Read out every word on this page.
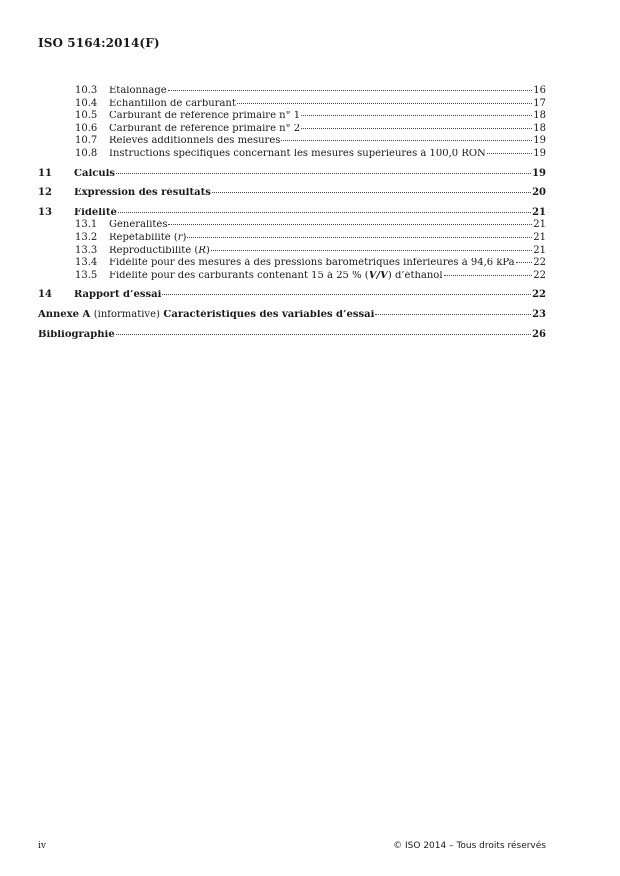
ISO 5164:2014(F)
10.3	Étalonnage	16
10.4	Échantillon de carburant	17
10.5	Carburant de référence primaire n° 1	18
10.6	Carburant de référence primaire n° 2	18
10.7	Relevés additionnels des mesures	19
10.8	Instructions spécifiques concernant les mesures supérieures à 100,0 RON	19
11	Calculs	19
12	Expression des résultats	20
13	Fidélité	21
13.1	Généralités	21
13.2	Répétabilité (r)	21
13.3	Reproductibilité (R)	21
13.4	Fidélité pour des mesures à des pressions barométriques inférieures à 94,6 kPa 22
13.5	Fidélité pour des carburants contenant 15 à 25 % (V/V) d’éthanol	22
14	Rapport d’essai	22
Annexe A (informative) Caractéristiques des variables d’essai	23
Bibliographie	26
iv	© ISO 2014 – Tous droits réservés
